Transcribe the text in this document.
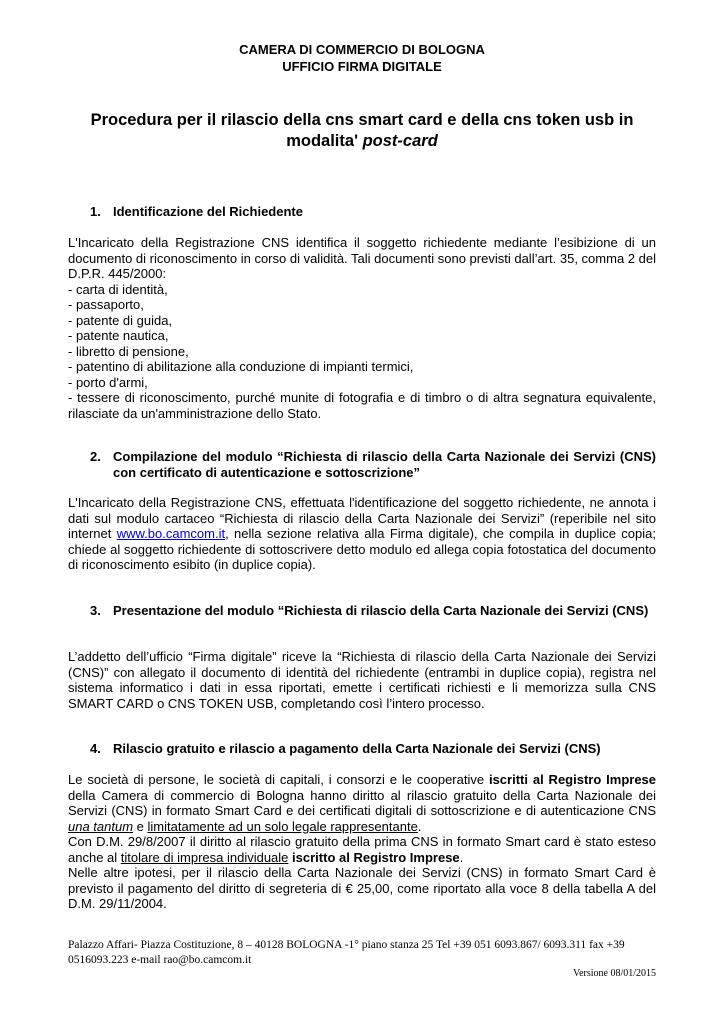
CAMERA DI COMMERCIO DI BOLOGNA
UFFICIO FIRMA DIGITALE
Procedura per il rilascio della cns smart card e della cns token usb in modalita' post-card
1. Identificazione del Richiedente

L'Incaricato della Registrazione CNS identifica il soggetto richiedente mediante l’esibizione di un documento di riconoscimento in corso di validità. Tali documenti sono previsti dall’art. 35, comma 2 del D.P.R. 445/2000:

- carta di identità,
- passaporto,
- patente di guida,
- patente nautica,
- libretto di pensione,
- patentino di abilitazione alla conduzione di impianti termici,
- porto d'armi,
- tessere di riconoscimento, purché munite di fotografia e di timbro o di altra segnatura equivalente, rilasciate da un'amministrazione dello Stato.
2. Compilazione del modulo “Richiesta di rilascio della Carta Nazionale dei Servizi (CNS) con certificato di autenticazione e sottoscrizione”

L'Incaricato della Registrazione CNS, effettuata l'identificazione del soggetto richiedente, ne annota i dati sul modulo cartaceo “Richiesta di rilascio della Carta Nazionale dei Servizi” (reperibile nel sito internet www.bo.camcom.it, nella sezione relativa alla Firma digitale), che compila in duplice copia; chiede al soggetto richiedente di sottoscrivere detto modulo ed allega copia fotostatica del documento di riconoscimento esibito (in duplice copia).

3. Presentazione del modulo “Richiesta di rilascio della Carta Nazionale dei Servizi (CNS)

L’addetto dell’ufficio “Firma digitale” riceve la “Richiesta di rilascio della Carta Nazionale dei Servizi (CNS)” con allegato il documento di identità del richiedente (entrambi in duplice copia), registra nel sistema informatico i dati in essa riportati, emette i certificati richiesti e li memorizza sulla CNS SMART CARD o CNS TOKEN USB, completando così l’intero processo.

4. Rilascio gratuito e rilascio a pagamento della Carta Nazionale dei Servizi (CNS)

Le società di persone, le società di capitali, i consorzi e le cooperative iscritti al Registro Imprese della Camera di commercio di Bologna hanno diritto al rilascio gratuito della Carta Nazionale dei Servizi (CNS) in formato Smart Card e dei certificati digitali di sottoscrizione e di autenticazione CNS una tantum e limitatamente ad un solo legale rappresentante.

Con D.M. 29/8/2007 il diritto al rilascio gratuito della prima CNS in formato Smart card è stato esteso anche al titolare di impresa individuale iscritto al Registro Imprese.

Nelle altre ipotesi, per il rilascio della Carta Nazionale dei Servizi (CNS) in formato Smart Card è previsto il pagamento del diritto di segreteria di € 25,00, come riportato alla voce 8 della tabella A del D.M. 29/11/2004.

Palazzo Affari- Piazza Costituzione, 8 – 40128 BOLOGNA -1° piano stanza 25 Tel +39 051 6093.867/ 6093.311 fax +39 0516093.223 e-mail rao@bo.camcom.it
Versione 08/01/2015
